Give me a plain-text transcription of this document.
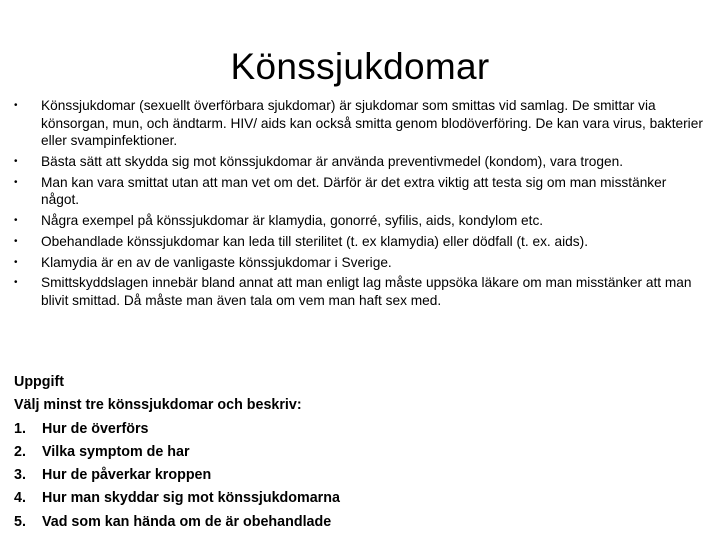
Könssjukdomar
•	Könssjukdomar (sexuellt överförbara sjukdomar) är sjukdomar som smittas vid samlag. De smittar via könsorgan, mun, och ändtarm. HIV/ aids kan också smitta genom blodöverföring. De kan vara virus, bakterier eller svampinfektioner.
•	Bästa sätt att skydda sig mot könssjukdomar är använda preventivmedel (kondom), vara trogen.
•	Man kan vara smittat utan att man vet om det. Därför är det extra viktig att testa sig om man misstänker något.
•	Några exempel på könssjukdomar är klamydia, gonorré, syfilis, aids, kondylom etc.
•	Obehandlade könssjukdomar kan leda till sterilitet (t. ex klamydia) eller dödfall (t. ex. aids).
•	Klamydia är en av de vanligaste könssjukdomar i Sverige.
•	Smittskyddslagen innebär bland annat att man enligt lag måste uppsöka läkare om man misstänker att man blivit smittad. Då måste man även tala om vem man haft sex med.
Uppgift
Välj minst tre könssjukdomar och beskriv:
1. Hur de överförs
2. Vilka symptom de har
3. Hur de påverkar kroppen
4. Hur man skyddar sig mot könssjukdomarna
5. Vad som kan hända om de är obehandlade
